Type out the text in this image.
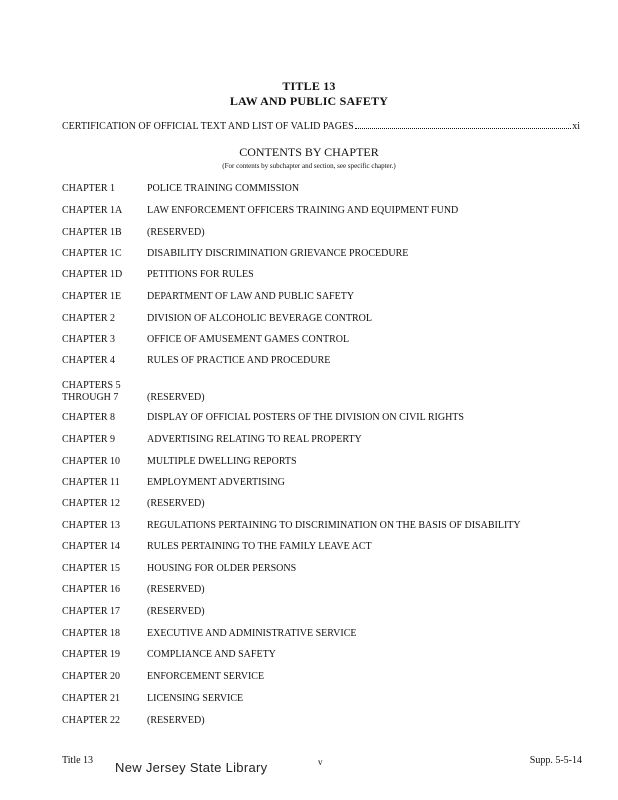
TITLE 13
LAW AND PUBLIC SAFETY
CERTIFICATION OF OFFICIAL TEXT AND LIST OF VALID PAGES	xi
CONTENTS BY CHAPTER
(For contents by subchapter and section, see specific chapter.)
CHAPTER 1	POLICE TRAINING COMMISSION
CHAPTER 1A	LAW ENFORCEMENT OFFICERS TRAINING AND EQUIPMENT FUND
CHAPTER 1B	(RESERVED)
CHAPTER 1C	DISABILITY DISCRIMINATION GRIEVANCE PROCEDURE
CHAPTER 1D	PETITIONS FOR RULES
CHAPTER 1E	DEPARTMENT OF LAW AND PUBLIC SAFETY
CHAPTER 2	DIVISION OF ALCOHOLIC BEVERAGE CONTROL
CHAPTER 3	OFFICE OF AMUSEMENT GAMES CONTROL
CHAPTER 4	RULES OF PRACTICE AND PROCEDURE
CHAPTERS 5
THROUGH 7	(RESERVED)
CHAPTER 8	DISPLAY OF OFFICIAL POSTERS OF THE DIVISION ON CIVIL RIGHTS
CHAPTER 9	ADVERTISING RELATING TO REAL PROPERTY
CHAPTER 10	MULTIPLE DWELLING REPORTS
CHAPTER 11	EMPLOYMENT ADVERTISING
CHAPTER 12	(RESERVED)
CHAPTER 13	REGULATIONS PERTAINING TO DISCRIMINATION ON THE BASIS OF DISABILITY
CHAPTER 14	RULES PERTAINING TO THE FAMILY LEAVE ACT
CHAPTER 15	HOUSING FOR OLDER PERSONS
CHAPTER 16	(RESERVED)
CHAPTER 17	(RESERVED)
CHAPTER 18	EXECUTIVE AND ADMINISTRATIVE SERVICE
CHAPTER 19	COMPLIANCE AND SAFETY
CHAPTER 20	ENFORCEMENT SERVICE
CHAPTER 21	LICENSING SERVICE
CHAPTER 22	(RESERVED)
Title 13 New Jersey State Library	v	Supp. 5-5-14
